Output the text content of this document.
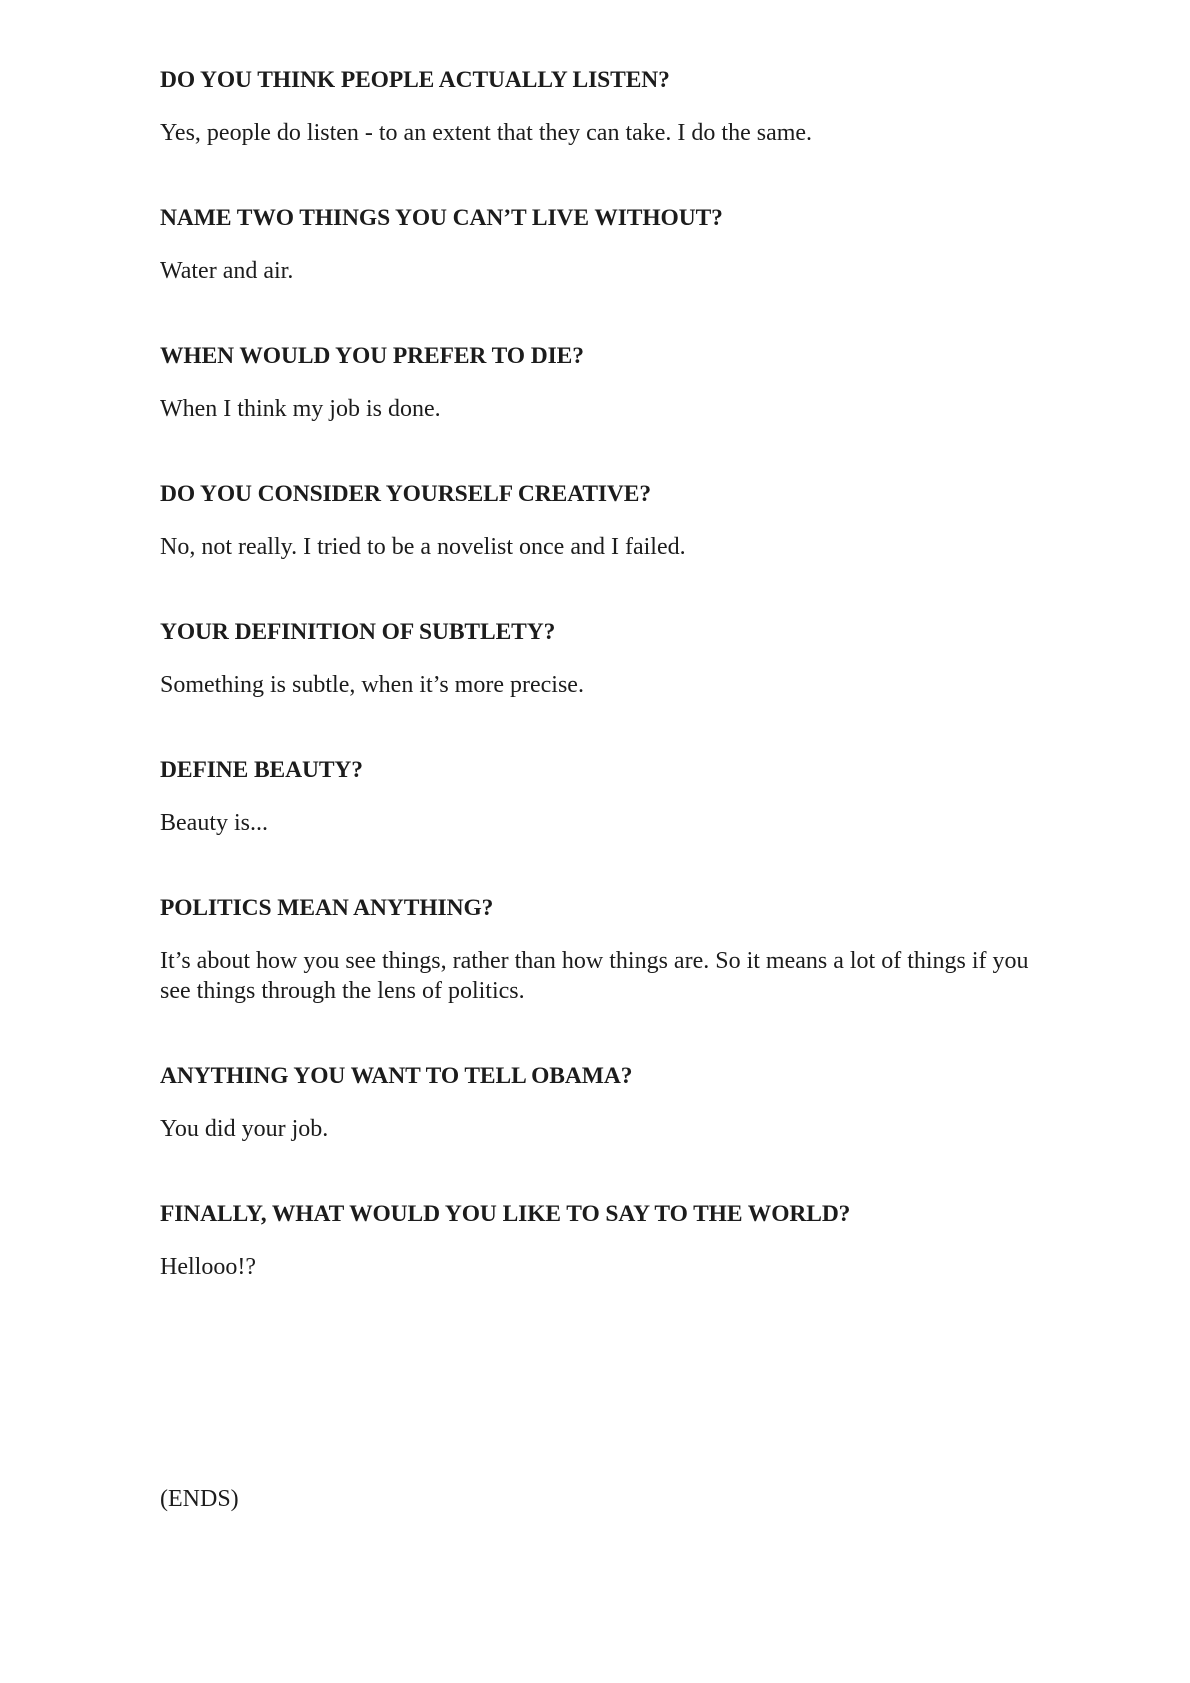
DO YOU THINK PEOPLE ACTUALLY LISTEN?

Yes, people do listen - to an extent that they can take. I do the same.

NAME TWO THINGS YOU CAN’T LIVE WITHOUT?

Water and air.

WHEN WOULD YOU PREFER TO DIE?

When I think my job is done.

DO YOU CONSIDER YOURSELF CREATIVE?

No, not really. I tried to be a novelist once and I failed.

YOUR DEFINITION OF SUBTLETY?

Something is subtle, when it’s more precise.

DEFINE BEAUTY?

Beauty is...

POLITICS MEAN ANYTHING?

It’s about how you see things, rather than how things are. So it means a lot of things if you see things through the lens of politics.

ANYTHING YOU WANT TO TELL OBAMA?

You did your job.

FINALLY, WHAT WOULD YOU LIKE TO SAY TO THE WORLD?

Hellooo!?

(ENDS)
